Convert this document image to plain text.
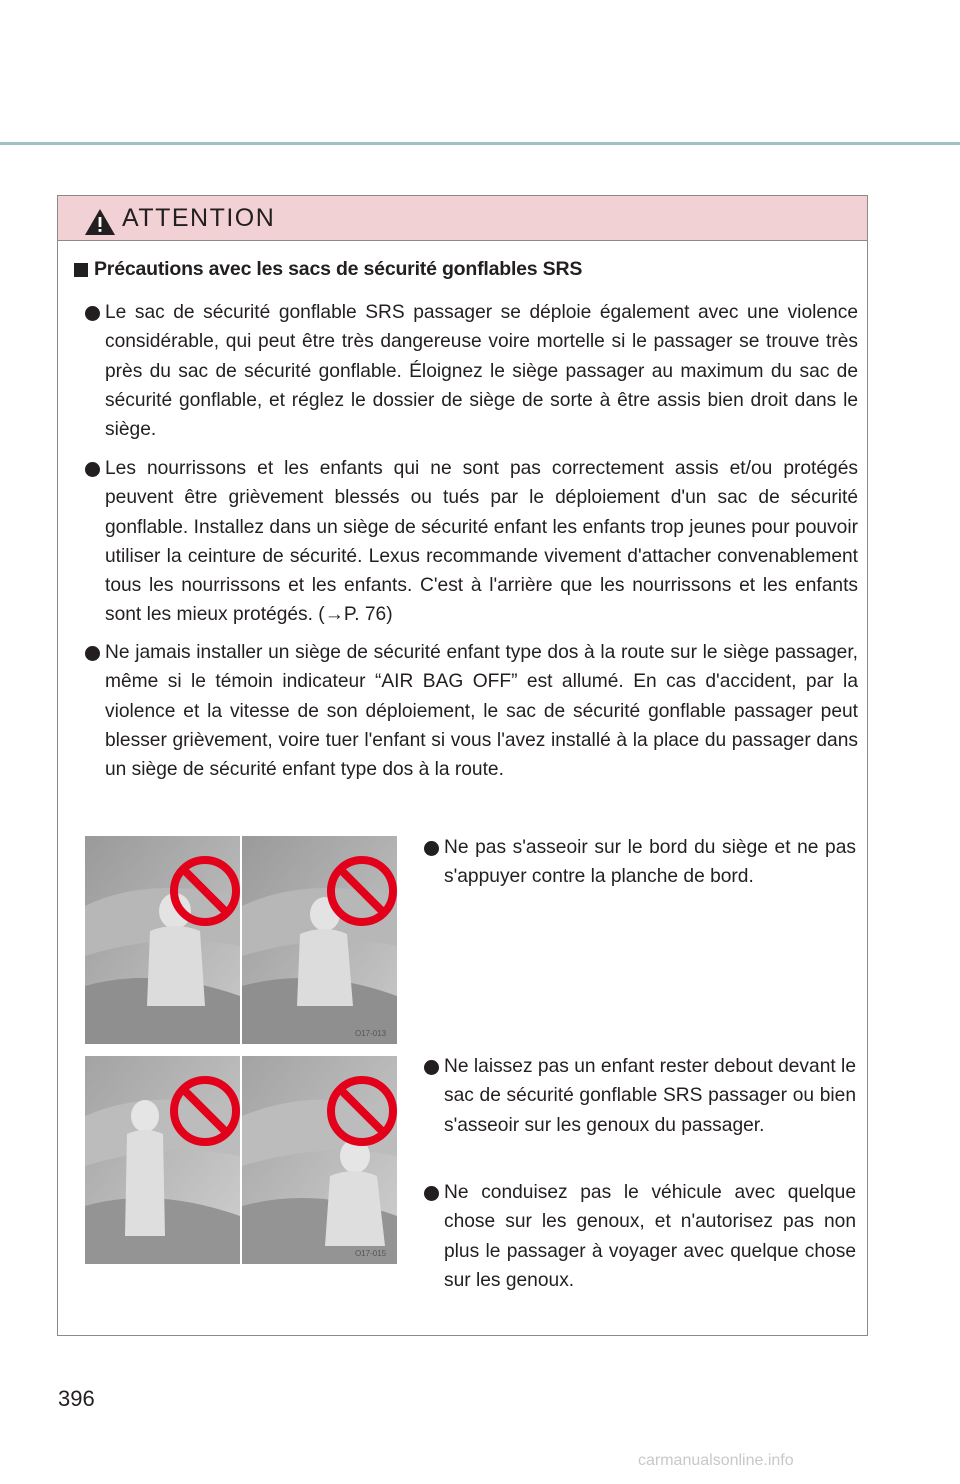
ATTENTION
Précautions avec les sacs de sécurité gonflables SRS

Le sac de sécurité gonflable SRS passager se déploie également avec une violence considérable, qui peut être très dangereuse voire mortelle si le passager se trouve très près du sac de sécurité gonflable. Éloignez le siège passager au maximum du sac de sécurité gonflable, et réglez le dossier de siège de sorte à être assis bien droit dans le siège.

Les nourrissons et les enfants qui ne sont pas correctement assis et/ou protégés peuvent être grièvement blessés ou tués par le déploiement d'un sac de sécurité gonflable. Installez dans un siège de sécurité enfant les enfants trop jeunes pour pouvoir utiliser la ceinture de sécurité. Lexus recommande vivement d'attacher convenablement tous les nourrissons et les enfants. C'est à l'arrière que les nourrissons et les enfants sont les mieux protégés. (→P. 76)

Ne jamais installer un siège de sécurité enfant type dos à la route sur le siège passager, même si le témoin indicateur “AIR BAG OFF” est allumé. En cas d'accident, par la violence et la vitesse de son déploiement, le sac de sécurité gonflable passager peut blesser grièvement, voire tuer l'enfant si vous l'avez installé à la place du passager dans un siège de sécurité enfant type dos à la route.

O17-013

Ne pas s'asseoir sur le bord du siège et ne pas s'appuyer contre la planche de bord.

O17-015

Ne laissez pas un enfant rester debout devant le sac de sécurité gonflable SRS passager ou bien s'asseoir sur les genoux du passager.

Ne conduisez pas le véhicule avec quelque chose sur les genoux, et n'autorisez pas non plus le passager à voyager avec quelque chose sur les genoux.

396
carmanualsonline.info
